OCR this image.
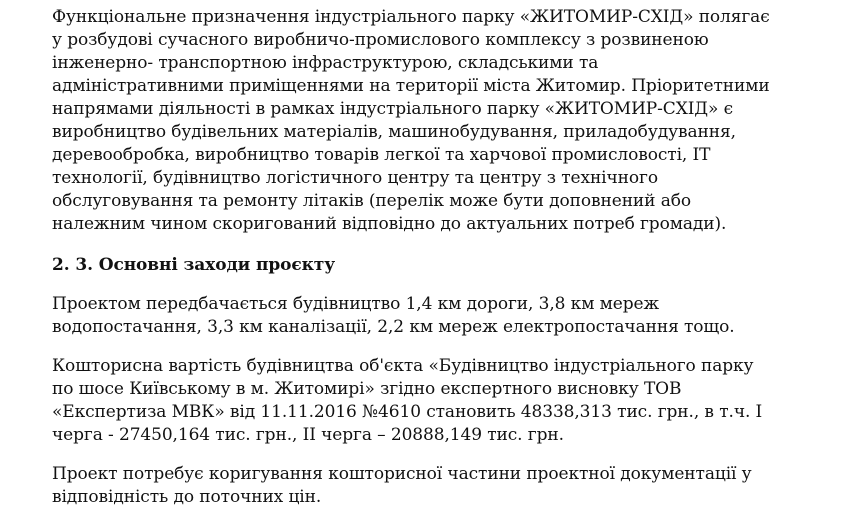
Функціональне призначення індустріального парку «ЖИТОМИР-СХІД» полягає
у розбудові сучасного виробничо-промислового комплексу з розвиненою
інженерно- транспортною інфраструктурою, складськими та
адміністративними приміщеннями на території міста Житомир. Пріоритетними
напрямами діяльності в рамках індустріального парку «ЖИТОМИР-СХІД» є
виробництво будівельних матеріалів, машинобудування, приладобудування,
деревообробка, виробництво товарів легкої та харчової промисловості, ІТ
технології, будівництво логістичного центру та центру з технічного
обслуговування та ремонту літаків (перелік може бути доповнений або
належним чином скоригований відповідно до актуальних потреб громади).

2. 3. Основні заходи проєкту

Проектом передбачається будівництво 1,4 км дороги, 3,8 км мереж
водопостачання, 3,3 км каналізації, 2,2 км мереж електропостачання тощо.

Кошторисна вартість будівництва об'єкта «Будівництво індустріального парку
по шосе Київському в м. Житомирі» згідно експертного висновку ТОВ
«Експертиза МВК» від 11.11.2016 №4610 становить 48338,313 тис. грн., в т.ч. І
черга - 27450,164 тис. грн., ІІ черга – 20888,149 тис. грн.

Проект потребує коригування кошторисної частини проектної документації у
відповідність до поточних цін.
